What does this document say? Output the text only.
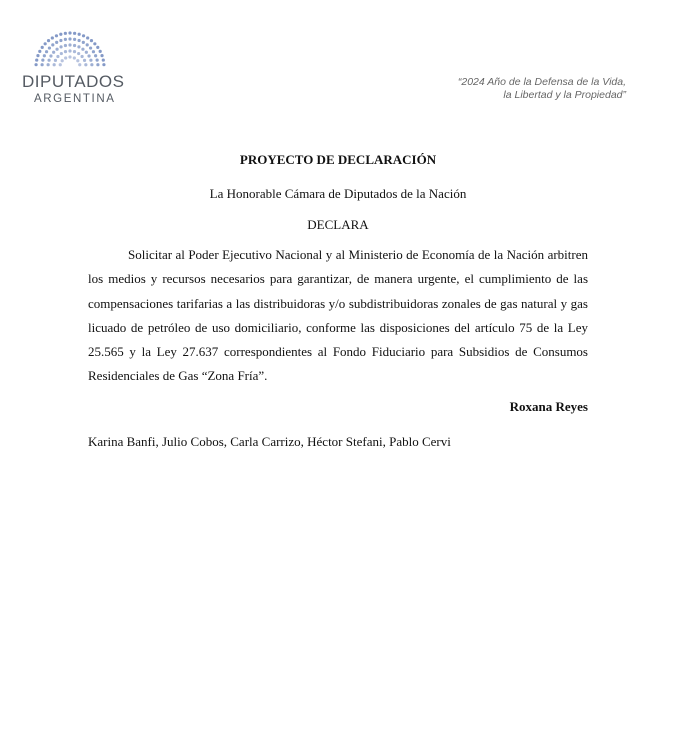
DIPUTADOS
ARGENTINA
“2024 Año de la Defensa de la Vida,
la Libertad y la Propiedad”
PROYECTO DE DECLARACIÓN
La Honorable Cámara de Diputados de la Nación
DECLARA

Solicitar al Poder Ejecutivo Nacional y al Ministerio de Economía de la Nación arbitren los medios y recursos necesarios para garantizar, de manera urgente, el cumplimiento de las compensaciones tarifarias a las distribuidoras y/o subdistribuidoras zonales de gas natural y gas licuado de petróleo de uso domiciliario, conforme las disposiciones del artículo 75 de la Ley 25.565 y la Ley 27.637 correspondientes al Fondo Fiduciario para Subsidios de Consumos Residenciales de Gas “Zona Fría”.

Roxana Reyes
Karina Banfi, Julio Cobos, Carla Carrizo, Héctor Stefani, Pablo Cervi
